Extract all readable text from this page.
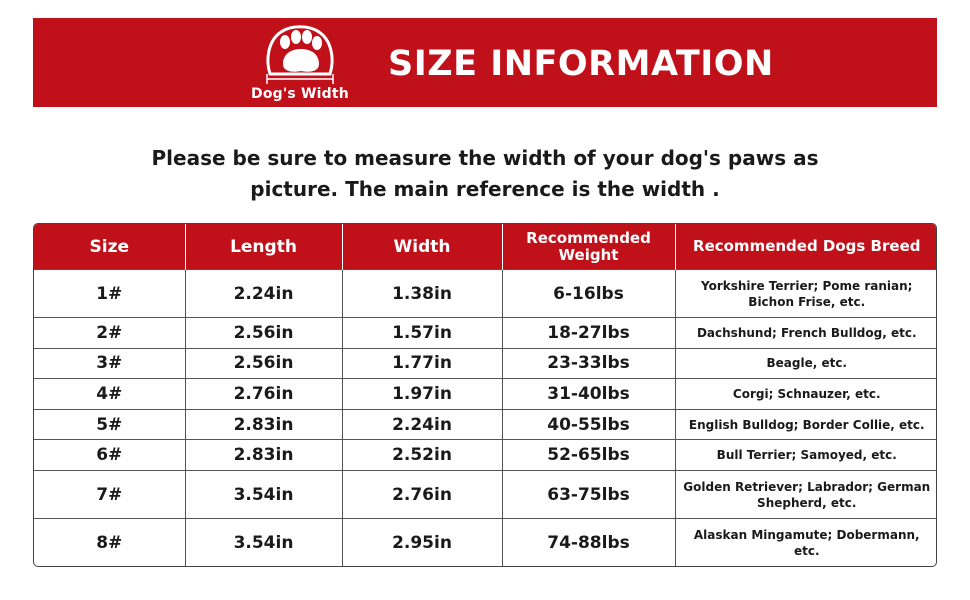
Dog's Width
SIZE INFORMATION
Please be sure to measure the width of your dog's paws as
picture. The main reference is the width .
Size	Length	Width	Recommended Weight	Recommended Dogs Breed
1#	2.24in	1.38in	6-16lbs	Yorkshire Terrier; Pome ranian; Bichon Frise, etc.
2#	2.56in	1.57in	18-27lbs	Dachshund; French Bulldog, etc.
3#	2.56in	1.77in	23-33lbs	Beagle, etc.
4#	2.76in	1.97in	31-40lbs	Corgi; Schnauzer, etc.
5#	2.83in	2.24in	40-55lbs	English Bulldog; Border Collie, etc.
6#	2.83in	2.52in	52-65lbs	Bull Terrier; Samoyed, etc.
7#	3.54in	2.76in	63-75lbs	Golden Retriever; Labrador; German Shepherd, etc.
8#	3.54in	2.95in	74-88lbs	Alaskan Mingamute; Dobermann, etc.
